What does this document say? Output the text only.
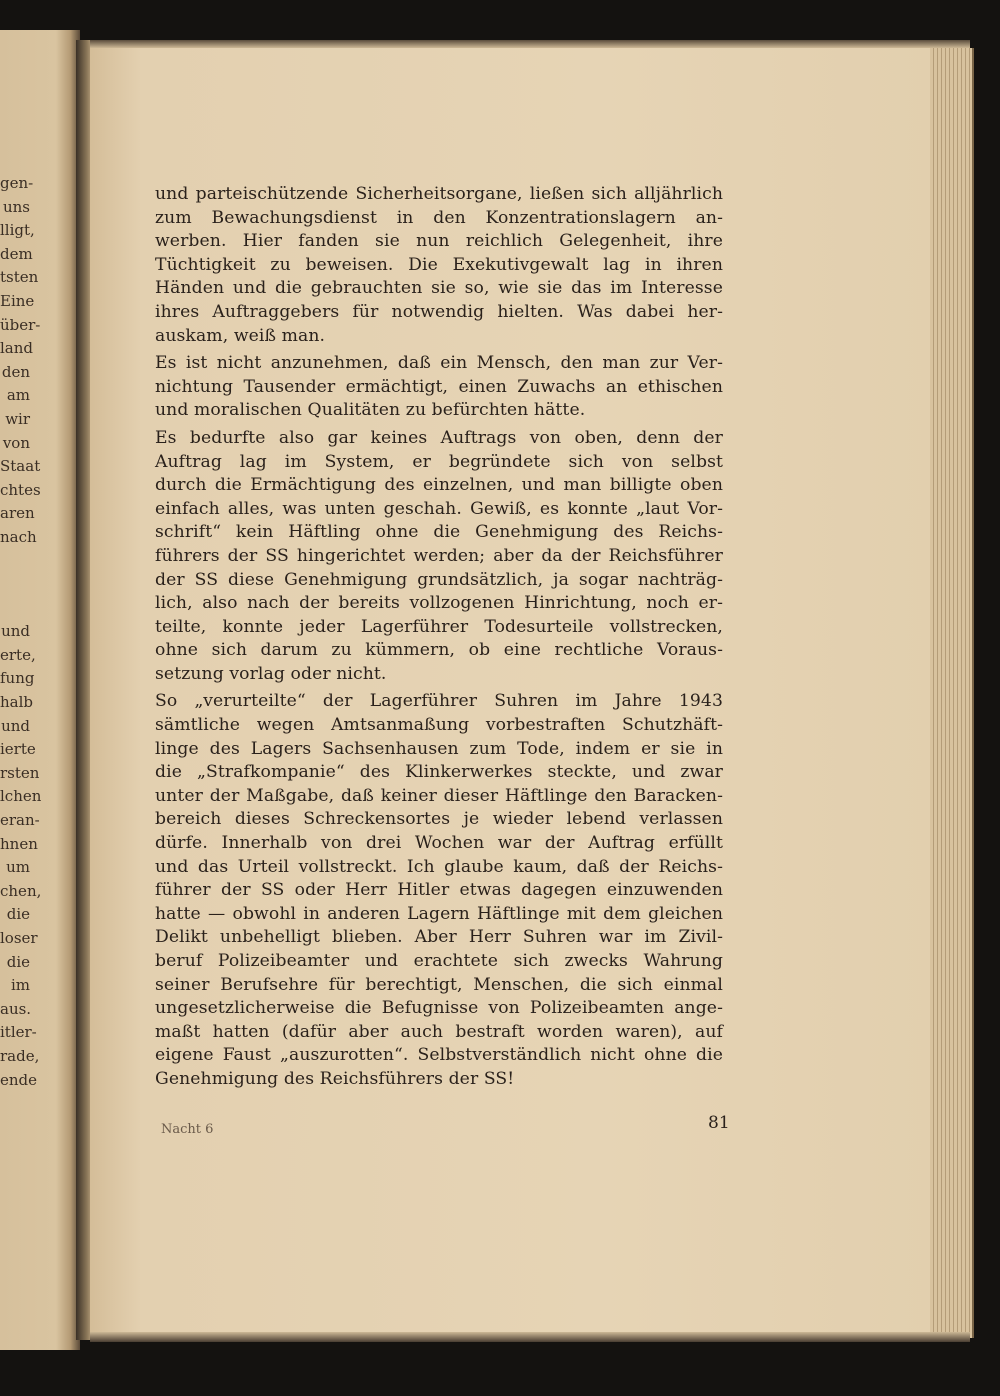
gen-
uns
lligt,
dem
tsten
Eine
über-
land
den
am
wir
von
Staat
chtes
aren
nach

und
erte,
fung
halb
und
ierte
rsten
lchen
eran-
hnen
um
chen,
die
loser
die
im
aus.
itler-
rade,
ende
und parteischützende Sicherheitsorgane, ließen sich alljährlich
zum Bewachungsdienst in den Konzentrationslagern an-
werben. Hier fanden sie nun reichlich Gelegenheit, ihre
Tüchtigkeit zu beweisen. Die Exekutivgewalt lag in ihren
Händen und die gebrauchten sie so, wie sie das im Interesse
ihres Auftraggebers für notwendig hielten. Was dabei her-
auskam, weiß man.
Es ist nicht anzunehmen, daß ein Mensch, den man zur Ver-
nichtung Tausender ermächtigt, einen Zuwachs an ethischen
und moralischen Qualitäten zu befürchten hätte.
Es bedurfte also gar keines Auftrags von oben, denn der
Auftrag lag im System, er begründete sich von selbst
durch die Ermächtigung des einzelnen, und man billigte oben
einfach alles, was unten geschah. Gewiß, es konnte „laut Vor-
schrift“ kein Häftling ohne die Genehmigung des Reichs-
führers der SS hingerichtet werden; aber da der Reichsführer
der SS diese Genehmigung grundsätzlich, ja sogar nachträg-
lich, also nach der bereits vollzogenen Hinrichtung, noch er-
teilte, konnte jeder Lagerführer Todesurteile vollstrecken,
ohne sich darum zu kümmern, ob eine rechtliche Voraus-
setzung vorlag oder nicht.
So „verurteilte“ der Lagerführer Suhren im Jahre 1943
sämtliche wegen Amtsanmaßung vorbestraften Schutzhäft-
linge des Lagers Sachsenhausen zum Tode, indem er sie in
die „Strafkompanie“ des Klinkerwerkes steckte, und zwar
unter der Maßgabe, daß keiner dieser Häftlinge den Baracken-
bereich dieses Schreckensortes je wieder lebend verlassen
dürfe. Innerhalb von drei Wochen war der Auftrag erfüllt
und das Urteil vollstreckt. Ich glaube kaum, daß der Reichs-
führer der SS oder Herr Hitler etwas dagegen einzuwenden
hatte — obwohl in anderen Lagern Häftlinge mit dem gleichen
Delikt unbehelligt blieben. Aber Herr Suhren war im Zivil-
beruf Polizeibeamter und erachtete sich zwecks Wahrung
seiner Berufsehre für berechtigt, Menschen, die sich einmal
ungesetzlicherweise die Befugnisse von Polizeibeamten ange-
maßt hatten (dafür aber auch bestraft worden waren), auf
eigene Faust „auszurotten“. Selbstverständlich nicht ohne die
Genehmigung des Reichsführers der SS!
Nacht 6	81
